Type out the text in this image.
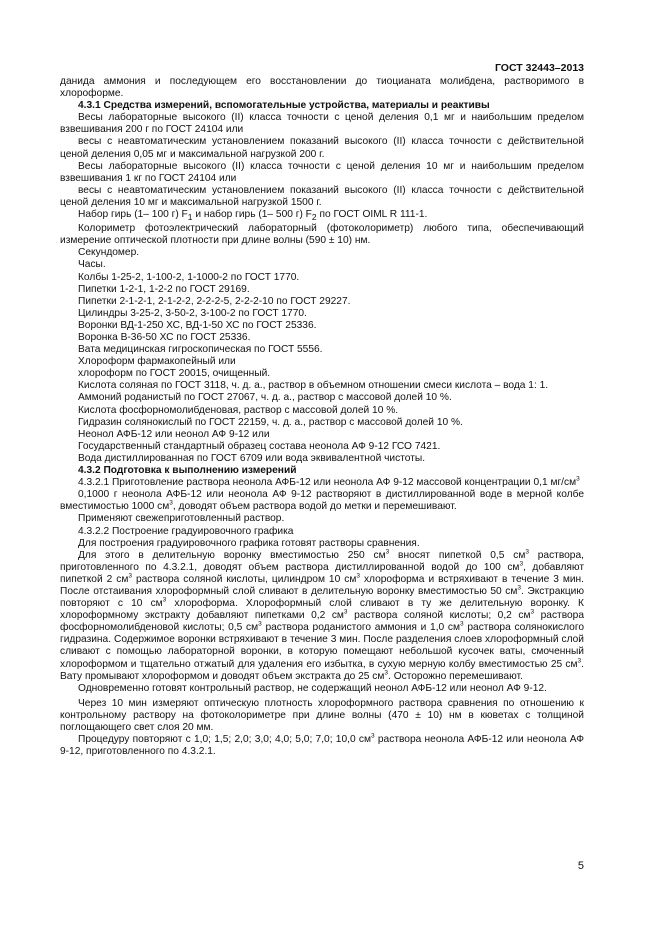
ГОСТ 32443–2013

данида аммония и последующем его восстановлении до тиоцианата молибдена, растворимого в хлороформе.

4.3.1 Средства измерений, вспомогательные устройства, материалы и реактивы

Весы лабораторные высокого (II) класса точности с ценой деления 0,1 мг и наибольшим пределом взвешивания 200 г по ГОСТ 24104 или

весы с неавтоматическим установлением показаний высокого (II) класса точности с действительной ценой деления 0,05 мг и максимальной нагрузкой 200 г.

Весы лабораторные высокого (II) класса точности с ценой деления 10 мг и наибольшим пределом взвешивания 1 кг по ГОСТ 24104 или

весы с неавтоматическим установлением показаний высокого (II) класса точности с действительной ценой деления 10 мг и максимальной нагрузкой 1500 г.

Набор гирь (1– 100 г) $F_1$ и набор гирь (1– 500 г) $F_2$ по ГОСТ OIML R 111-1.

Колориметр фотоэлектрический лабораторный (фотоколориметр) любого типа, обеспечивающий измерение оптической плотности при длине волны (590 ± 10) нм.

Секундомер.

Часы.

Колбы 1-25-2, 1-100-2, 1-1000-2 по ГОСТ 1770.

Пипетки 1-2-1, 1-2-2 по ГОСТ 29169.

Пипетки 2-1-2-1, 2-1-2-2, 2-2-2-5, 2-2-2-10 по ГОСТ 29227.

Цилиндры 3-25-2, 3-50-2, 3-100-2 по ГОСТ 1770.

Воронки ВД-1-250 ХС, ВД-1-50 ХС по ГОСТ 25336.

Воронка В-36-50 ХС по ГОСТ 25336.

Вата медицинская гигроскопическая по ГОСТ 5556.

Хлороформ фармакопейный или

хлороформ по ГОСТ 20015, очищенный.

Кислота соляная по ГОСТ 3118, ч. д. а., раствор в объемном отношении смеси кислота – вода 1: 1.

Аммоний роданистый по ГОСТ 27067, ч. д. а., раствор с массовой долей 10 %.

Кислота фосфорномолибденовая, раствор с массовой долей 10 %.

Гидразин солянокислый по ГОСТ 22159, ч. д. а., раствор с массовой долей 10 %.

Неонол АФБ-12 или неонол АФ 9-12 или

Государственный стандартный образец состава неонола АФ 9-12 ГСО 7421.

Вода дистиллированная по ГОСТ 6709 или вода эквивалентной чистоты.

4.3.2 Подготовка к выполнению измерений

4.3.2.1 Приготовление раствора неонола АФБ-12 или неонола АФ 9-12 массовой концентрации 0,1 $мг/см^3$

0,1000 г неонола АФБ-12 или неонола АФ 9-12 растворяют в дистиллированной воде в мерной колбе вместимостью 1000 $см^3$, доводят объем раствора водой до метки и перемешивают.

Применяют свежеприготовленный раствор.

4.3.2.2 Построение градуировочного графика

Для построения градуировочного графика готовят растворы сравнения.

Для этого в делительную воронку вместимостью 250 $см^3$ вносят пипеткой 0,5 $см^3$ раствора, приготовленного по 4.3.2.1, доводят объем раствора дистиллированной водой до 100 $см^3$, добавляют пипеткой 2 $см^3$ раствора соляной кислоты, цилиндром 10 $см^3$ хлороформа и встряхивают в течение 3 мин. После отстаивания хлороформный слой сливают в делительную воронку вместимостью 50 $см^3$. Экстракцию повторяют с 10 $см^3$ хлороформа. Хлороформный слой сливают в ту же делительную воронку. К хлороформному экстракту добавляют пипетками 0,2 $см^3$ раствора соляной кислоты; 0,2 $см^3$ раствора фосфорномолибденовой кислоты; 0,5 $см^3$ раствора роданистого аммония и 1,0 $см^3$ раствора солянокислого гидразина. Содержимое воронки встряхивают в течение 3 мин. После разделения слоев хлороформный слой сливают с помощью лабораторной воронки, в которую помещают небольшой кусочек ваты, смоченный хлороформом и тщательно отжатый для удаления его избытка, в сухую мерную колбу вместимостью 25 $см^3$. Вату промывают хлороформом и доводят объем экстракта до 25 $см^3$. Осторожно перемешивают.

Одновременно готовят контрольный раствор, не содержащий неонол АФБ-12 или неонол АФ 9-12.

Через 10 мин измеряют оптическую плотность хлороформного раствора сравнения по отношению к контрольному раствору на фотоколориметре при длине волны (470 ± 10) нм в кюветах с толщиной поглощающего свет слоя 20 мм.

Процедуру повторяют с 1,0; 1,5; 2,0; 3,0; 4,0; 5,0; 7,0; 10,0 $см^3$ раствора неонола АФБ-12 или неонола АФ 9-12, приготовленного по 4.3.2.1.

5
